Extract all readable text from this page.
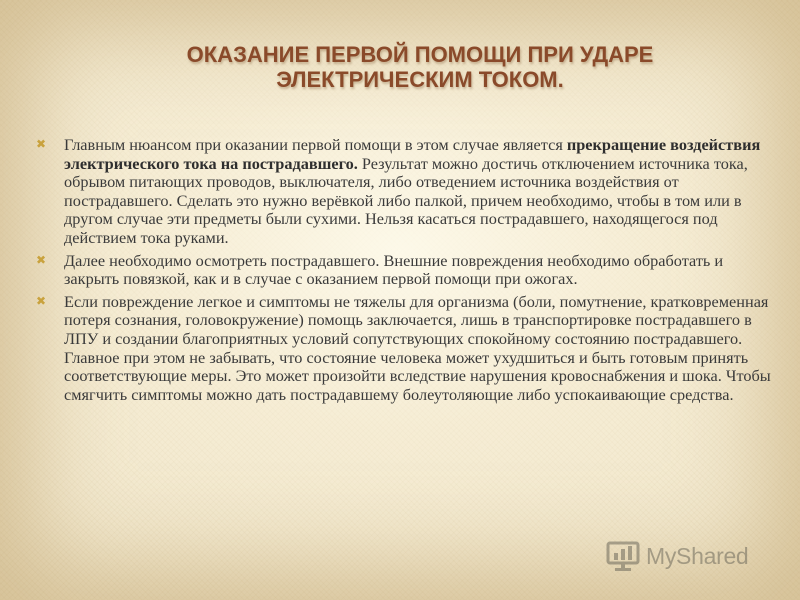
ОКАЗАНИЕ ПЕРВОЙ ПОМОЩИ ПРИ УДАРЕ
ЭЛЕКТРИЧЕСКИМ ТОКОМ.

✖ Главным нюансом при оказании первой помощи в этом случае является прекращение воздействия электрического тока на пострадавшего. Результат можно достичь отключением источника тока, обрывом питающих проводов, выключателя, либо отведением источника воздействия от пострадавшего. Сделать это нужно верёвкой либо палкой, причем необходимо, чтобы в том или в другом случае эти предметы были сухими. Нельзя касаться пострадавшего, находящегося под действием тока руками.

✖ Далее необходимо осмотреть пострадавшего. Внешние повреждения необходимо обработать и закрыть повязкой, как и в случае с оказанием первой помощи при ожогах.

✖ Если повреждение легкое и симптомы не тяжелы для организма (боли, помутнение, кратковременная потеря сознания, головокружение) помощь заключается, лишь в транспортировке пострадавшего в ЛПУ и создании благоприятных условий сопутствующих спокойному состоянию пострадавшего. Главное при этом не забывать, что состояние человека может ухудшиться и быть готовым принять соответствующие меры. Это может произойти вследствие нарушения кровоснабжения и шока. Чтобы смягчить симптомы можно дать пострадавшему болеутоляющие либо успокаивающие средства.

MyShared
